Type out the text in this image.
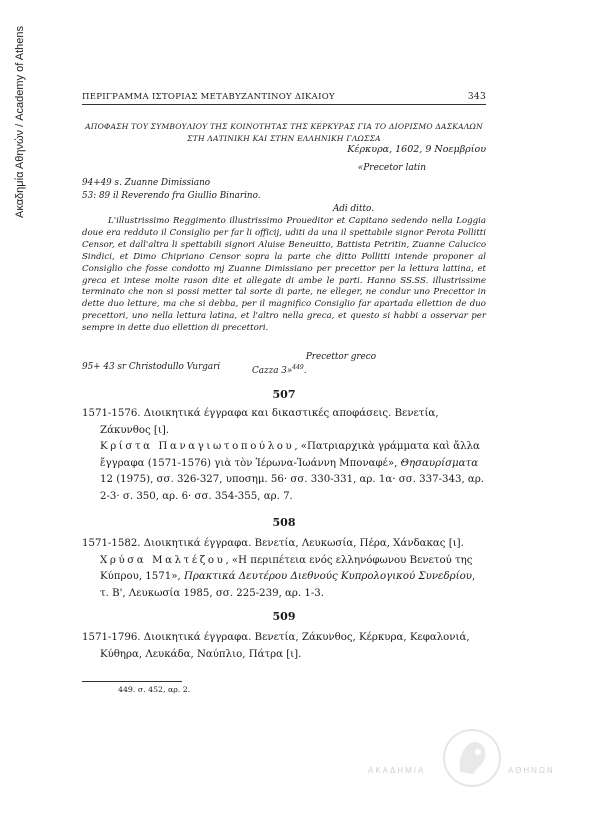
Ακαδημία Αθηνών / Academy of Athens	ΠΕΡΙΓΡΑΜΜΑ ΙΣΤΟΡΙΑΣ ΜΕΤΑΒΥΖΑΝΤΙΝΟΥ ΔΙΚΑΙΟΥ	343
ΑΠΟΦΑΣΗ ΤΟΥ ΣΥΜΒΟΥΛΙΟΥ ΤΗΣ ΚΟΙΝΟΤΗΤΑΣ ΤΗΣ ΚΕΡΚΥΡΑΣ ΓΙΑ ΤΟ ΔΙΟΡΙΣΜΟ ΔΑΣΚΑΛΩΝ
ΣΤΗ ΛΑΤΙΝΙΚΗ ΚΑΙ ΣΤΗΝ ΕΛΛΗΝΙΚΗ ΓΛΩΣΣΑ
Κέρκυρα, 1602, 9 Νοεμβρίου
«Precetor latin
94+49 s. Zuanne Dimissiano
53: 89 il Reverendo fra Giullio Binarino.
Adi ditto.
L'illustrissimo Reggimento illustrissimo Proueditor et Capitano sedendo nella Loggia doue era redduto il Consiglio per far li officij, uditi da una il spettabile signor Perota Pollitti Censor, et dall'altra li spettabili signori Aluise Beneuitto, Battista Petritin, Zuanne Calucico Sindici, et Dimo Chipriano Censor sopra la parte che ditto Pollitti intende proponer al Consiglio che fosse condotto mj Zuanne Dimissiano per precettor per la lettura lattina, et greca et intese molte rason dite et allegate di ambe le parti. Hanno SS.SS. illustrissime terminato che non si possi metter tal sorte di parte, ne elleger, ne condur uno Precettor in dette duo letture, ma che si debba, per il magnifico Consiglio far apartada ellettion de duo precettori, uno nella lettura latina, et l'altro nella greca, et questo si habbi a osservar per sempre in dette duo ellettion di precettori.
Precettor greco
95+ 43 sr Christodullo Vurgari	Cazza 3»$^{449}$.
507
1571-1576. Διοικητικά έγγραφα και δικαστικές αποφάσεις. Βενετία, Ζάκυνθος [ι].
Κρίστα Παναγιωτοπούλου, «Πατριαρχικὰ γράμματα καὶ ἄλλα ἔγγραφα (1571-1576) γιὰ τὸν Ἱέρωνα-Ἰωάννη Μποναφέ», Θησαυρίσματα 12 (1975), σσ. 326-327, υποσημ. 56· σσ. 330-331, αρ. 1α· σσ. 337-343, αρ. 2-3· σ. 350, αρ. 6· σσ. 354-355, αρ. 7.
508
1571-1582. Διοικητικά έγγραφα. Βενετία, Λευκωσία, Πέρα, Χάνδακας [ι].
Χρύσα Μαλτέζου, «Η περιπέτεια ενός ελληνόφωνου Βενετού της Κύπρου, 1571», Πρακτικά Δευτέρου Διεθνούς Κυπρολογικού Συνεδρίου, τ. Β', Λευκωσία 1985, σσ. 225-239, αρ. 1-3.
509
1571-1796. Διοικητικά έγγραφα. Βενετία, Ζάκυνθος, Κέρκυρα, Κεφαλονιά, Κύθηρα, Λευκάδα, Ναύπλιο, Πάτρα [ι].
449. σ. 452, αρ. 2.
ΑΚΑΔΗΜΙΑ	ΑΘΗΝΩΝ
